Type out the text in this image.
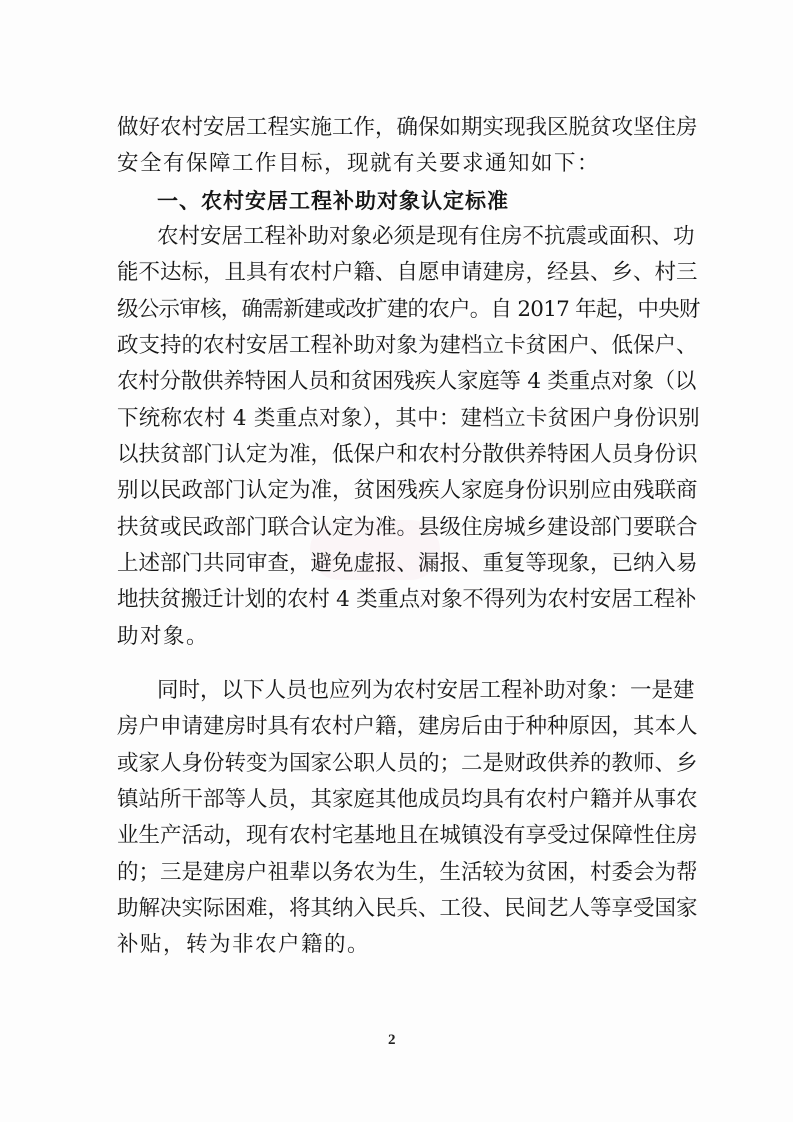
做好农村安居工程实施工作，确保如期实现我区脱贫攻坚住房
安全有保障工作目标，现就有关要求通知如下：
一、农村安居工程补助对象认定标准
农村安居工程补助对象必须是现有住房不抗震或面积、功
能不达标，且具有农村户籍、自愿申请建房，经县、乡、村三
级公示审核，确需新建或改扩建的农户。自 2017 年起，中央财
政支持的农村安居工程补助对象为建档立卡贫困户、低保户、
农村分散供养特困人员和贫困残疾人家庭等 4 类重点对象（以
下统称农村 4 类重点对象），其中：建档立卡贫困户身份识别
以扶贫部门认定为准，低保户和农村分散供养特困人员身份识
别以民政部门认定为准，贫困残疾人家庭身份识别应由残联商
扶贫或民政部门联合认定为准。县级住房城乡建设部门要联合
上述部门共同审查，避免虚报、漏报、重复等现象，已纳入易
地扶贫搬迁计划的农村 4 类重点对象不得列为农村安居工程补
助对象。
同时，以下人员也应列为农村安居工程补助对象：一是建
房户申请建房时具有农村户籍，建房后由于种种原因，其本人
或家人身份转变为国家公职人员的；二是财政供养的教师、乡
镇站所干部等人员，其家庭其他成员均具有农村户籍并从事农
业生产活动，现有农村宅基地且在城镇没有享受过保障性住房
的；三是建房户祖辈以务农为生，生活较为贫困，村委会为帮
助解决实际困难，将其纳入民兵、工役、民间艺人等享受国家
补贴，转为非农户籍的。
2
